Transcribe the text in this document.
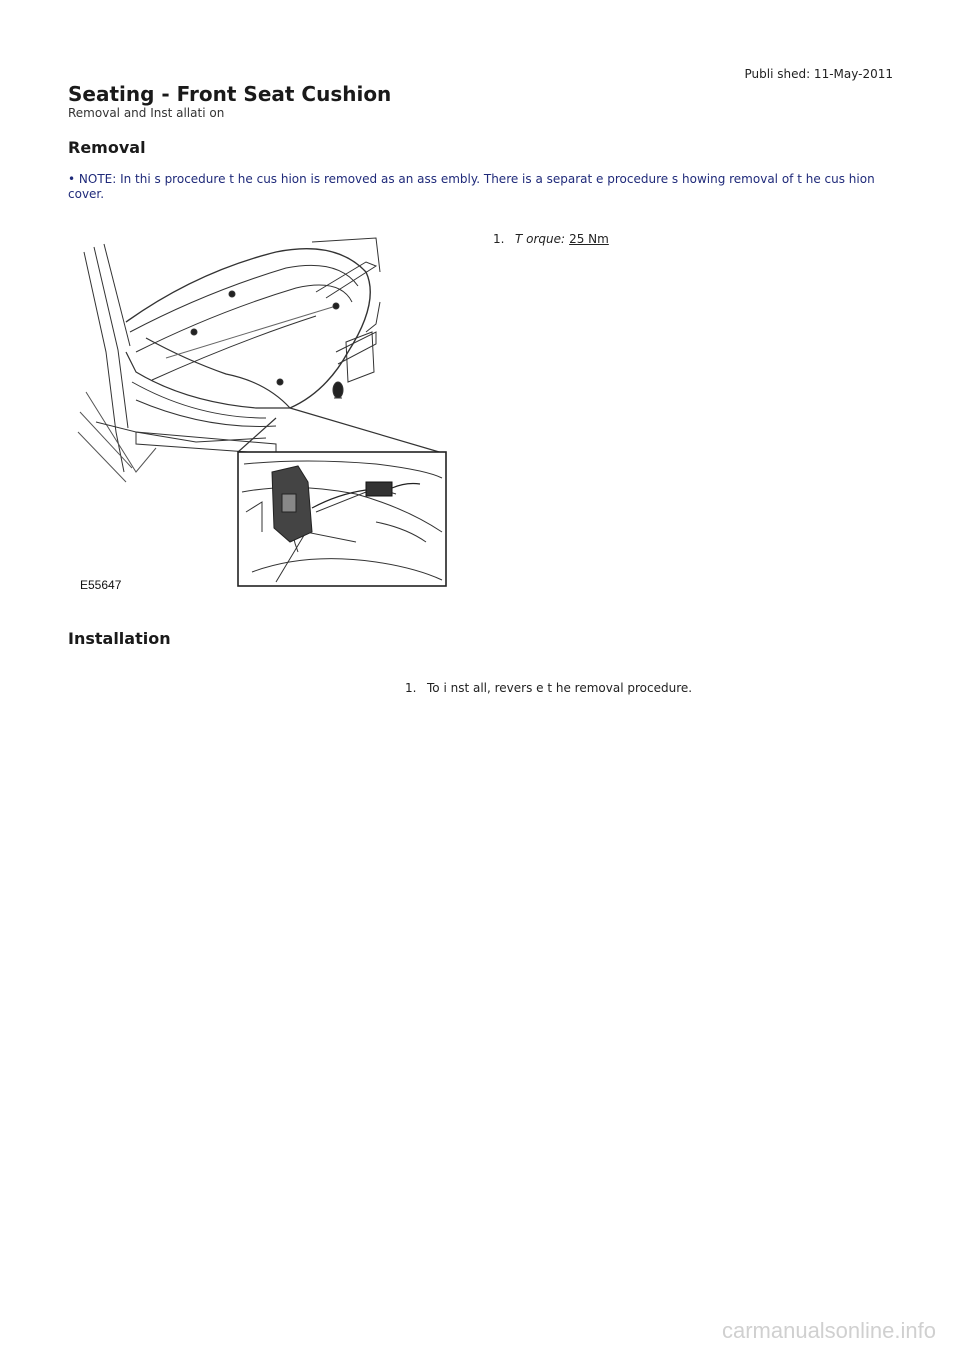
Publi shed: 11-May-2011
Seating - Front Seat Cushion
Removal and Inst allati on
Removal

• NOTE: In thi s procedure t he cus hion is removed as an ass embly. There is a separat e procedure s howing removal of t he cus hion cover.

E55647
1. T orque: 25 Nm
Installation
1. To i nst all, revers e t he removal procedure.
carmanualsonline.info
